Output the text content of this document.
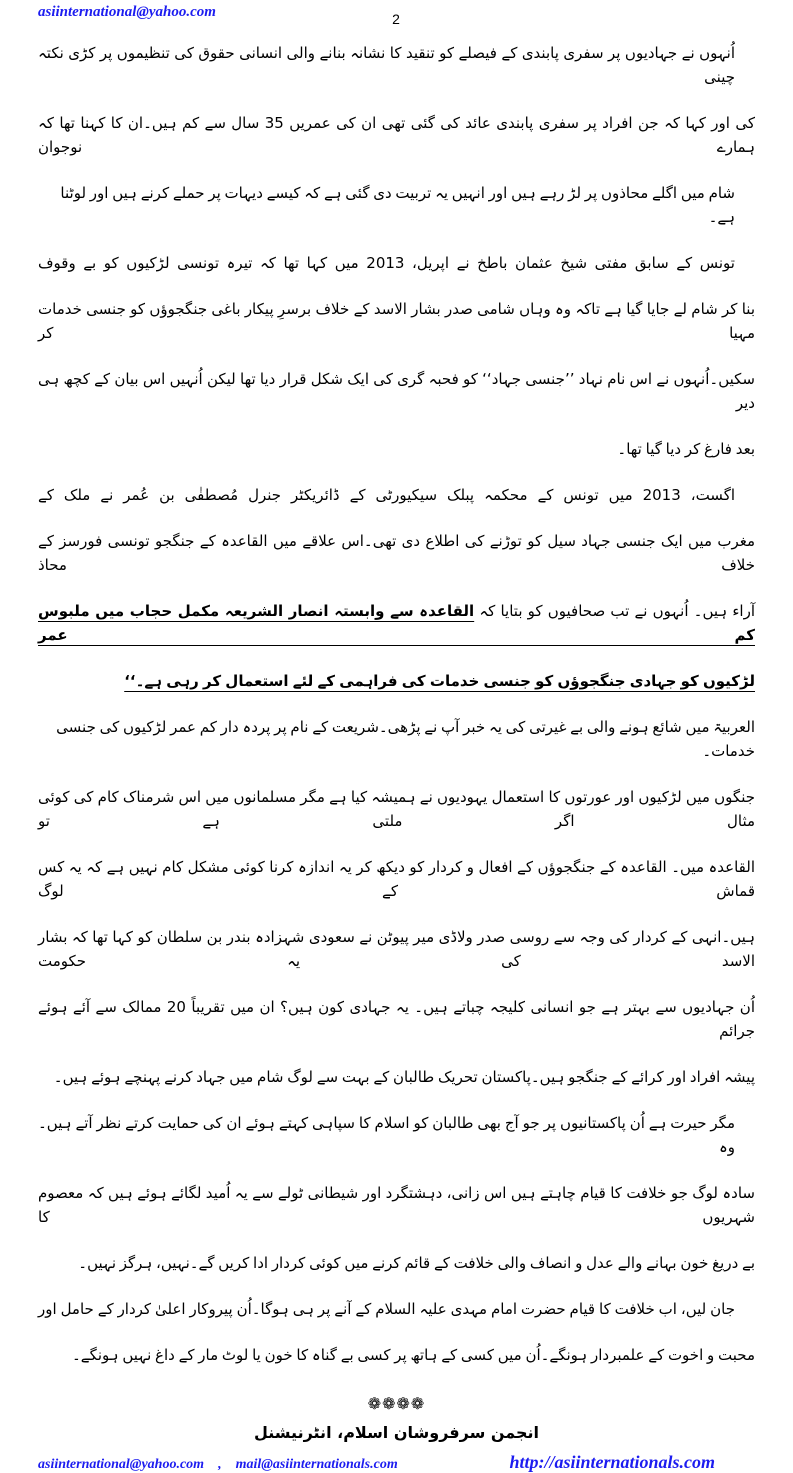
asiinternational@yahoo.com	2
اُنہوں نے جہادیوں پر سفری پابندی کے فیصلے کو تنقید کا نشانہ بنانے والی انسانی حقوق کی تنظیموں پر کڑی نکتہ چینی
کی اور کہا کہ جن افراد پر سفری پابندی عائد کی گئی تھی ان کی عمریں 35 سال سے کم ہیں۔ان کا کہنا تھا کہ ہمارے نوجوان
شام میں اگلے محاذوں پر لڑ رہے ہیں اور انہیں یہ تربیت دی گئی ہے کہ کیسے دیہات پر حملے کرنے ہیں اور لوٹنا ہے۔
تونس کے سابق مفتی شیخ عثمان باطخ نے اپریل، 2013 میں کہا تھا کہ تیرہ تونسی لڑکیوں کو بے وقوف
بنا کر شام لے جایا گیا ہے تاکہ وہ وہاں شامی صدر بشار الاسد کے خلاف برسرِ پیکار باغی جنگجوؤں کو جنسی خدمات مہیا کر
سکیں۔اُنہوں نے اس نام نہاد ’’جنسی جہاد‘‘ کو فحبہ گری کی ایک شکل قرار دیا تھا لیکن اُنہیں اس بیان کے کچھ ہی دیر
بعد فارغ کر دیا گیا تھا۔
اگست، 2013 میں تونس کے محکمہ پبلک سیکیورٹی کے ڈائریکٹر جنرل مُصطفٰی بن عُمر نے ملک کے
مغرب میں ایک جنسی جہاد سیل کو توڑنے کی اطلاع دی تھی۔اس علاقے میں القاعدہ کے جنگجو تونسی فورسز کے خلاف محاذ
آراء ہیں۔ اُنہوں نے تب صحافیوں کو بتایا کہ القاعدہ سے وابستہ انصار الشریعہ مکمل حجاب میں ملبوس کم عمر
لڑکیوں کو جہادی جنگجوؤں کو جنسی خدمات کی فراہمی کے لئے استعمال کر رہی ہے۔‘‘
العربیۃ میں شائع ہونے والی بے غیرتی کی یہ خبر آپ نے پڑھی۔شریعت کے نام پر پردہ دار کم عمر لڑکیوں کی جنسی خدمات۔
جنگوں میں لڑکیوں اور عورتوں کا استعمال یہودیوں نے ہمیشہ کیا ہے مگر مسلمانوں میں اس شرمناک کام کی کوئی مثال اگر ملتی ہے تو
القاعدہ میں۔ القاعدہ کے جنگجوؤں کے افعال و کردار کو دیکھ کر یہ اندازہ کرنا کوئی مشکل کام نہیں ہے کہ یہ کس قماش کے لوگ
ہیں۔انہی کے کردار کی وجہ سے روسی صدر ولاڈی میر پیوٹن نے سعودی شہزادہ بندر بن سلطان کو کہا تھا کہ بشار الاسد کی یہ حکومت
اُن جہادیوں سے بہتر ہے جو انسانی کلیجہ چباتے ہیں۔ یہ جہادی کون ہیں؟ ان میں تقریباً 20 ممالک سے آئے ہوئے جرائم
پیشہ افراد اور کرائے کے جنگجو ہیں۔پاکستان تحریک طالبان کے بہت سے لوگ شام میں جہاد کرنے پہنچے ہوئے ہیں۔
مگر حیرت ہے اُن پاکستانیوں پر جو آج بھی طالبان کو اسلام کا سپاہی کہتے ہوئے ان کی حمایت کرتے نظر آتے ہیں۔وہ
سادہ لوگ جو خلافت کا قیام چاہتے ہیں اس زانی، دہشتگرد اور شیطانی ٹولے سے یہ اُمید لگائے ہوئے ہیں کہ معصوم شہریوں کا
بے دریغ خون بہانے والے عدل و انصاف والی خلافت کے قائم کرنے میں کوئی کردار ادا کریں گے۔نہیں، ہرگز نہیں۔
جان لیں، اب خلافت کا قیام حضرت امام مہدی علیہ السلام کے آنے پر ہی ہوگا۔اُن پیروکار اعلیٰ کردار کے حامل اور
محبت و اخوت کے علمبردار ہونگے۔اُن میں کسی کے ہاتھ پر کسی بے گناہ کا خون یا لوٹ مار کے داغ نہیں ہونگے۔
❁❁❁❁
انجمن سرفروشان اسلام، انٹرنیشنل
asiinternational@yahoo.com , mail@asiinternationals.com	http://asiinternationals.com
